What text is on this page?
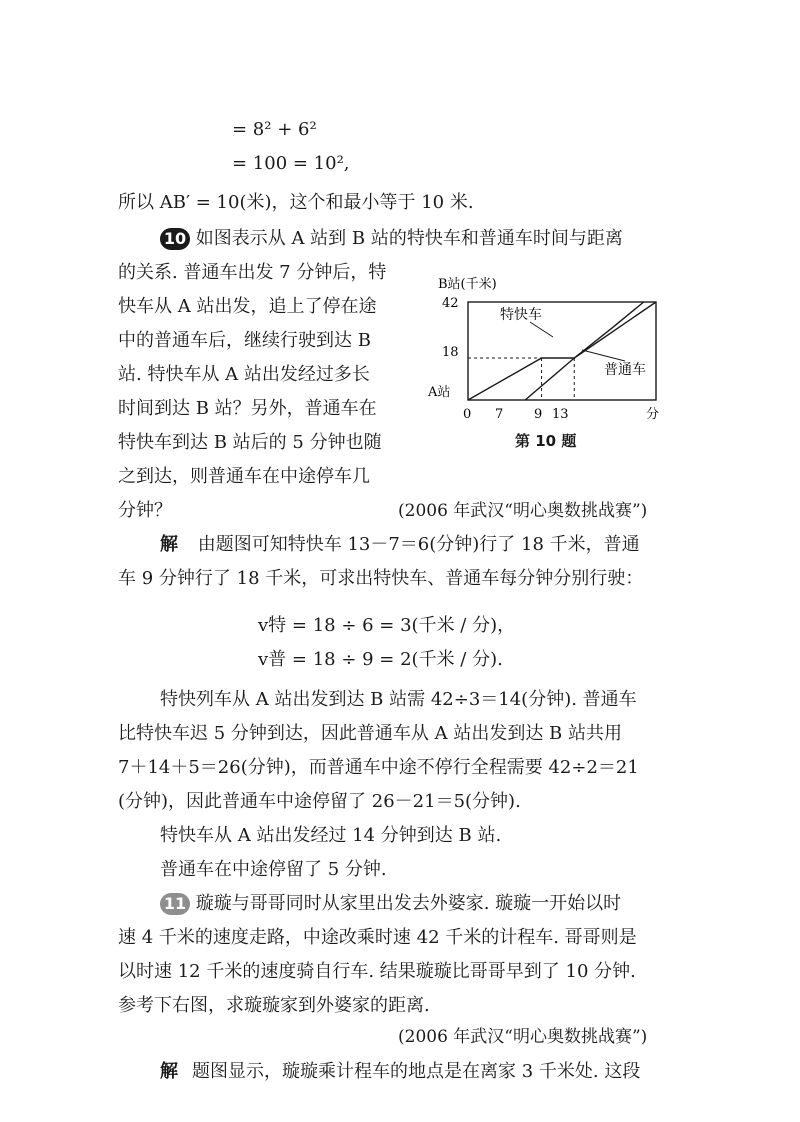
= 8² + 6²
= 100 = 10²,
所以 AB′ = 10(米)，这个和最小等于 10 米.
10 如图表示从 A 站到 B 站的特快车和普通车时间与距离
的关系. 普通车出发 7 分钟后，特
快车从 A 站出发，追上了停在途
中的普通车后，继续行驶到达 B
站. 特快车从 A 站出发经过多长
时间到达 B 站？另外，普通车在
特快车到达 B 站后的 5 分钟也随
之到达，则普通车在中途停车几
分钟？	(2006 年武汉“明心奥数挑战赛”)
B站(千米)
42
18
A站
0 7 9 13	分
特快车
普通车
第 10 题
解 由题图可知特快车 13－7＝6(分钟)行了 18 千米，普通
车 9 分钟行了 18 千米，可求出特快车、普通车每分钟分别行驶：
v特 = 18 ÷ 6 = 3(千米 / 分)，
v普 = 18 ÷ 9 = 2(千米 / 分).
特快列车从 A 站出发到达 B 站需 42÷3＝14(分钟). 普通车
比特快车迟 5 分钟到达，因此普通车从 A 站出发到达 B 站共用
7＋14＋5＝26(分钟)，而普通车中途不停行全程需要 42÷2＝21
(分钟)，因此普通车中途停留了 26－21＝5(分钟).
特快车从 A 站出发经过 14 分钟到达 B 站.
普通车在中途停留了 5 分钟.
11 璇璇与哥哥同时从家里出发去外婆家. 璇璇一开始以时
速 4 千米的速度走路，中途改乘时速 42 千米的计程车. 哥哥则是
以时速 12 千米的速度骑自行车. 结果璇璇比哥哥早到了 10 分钟.
参考下右图，求璇璇家到外婆家的距离.
(2006 年武汉“明心奥数挑战赛”)
解 题图显示，璇璇乘计程车的地点是在离家 3 千米处. 这段
